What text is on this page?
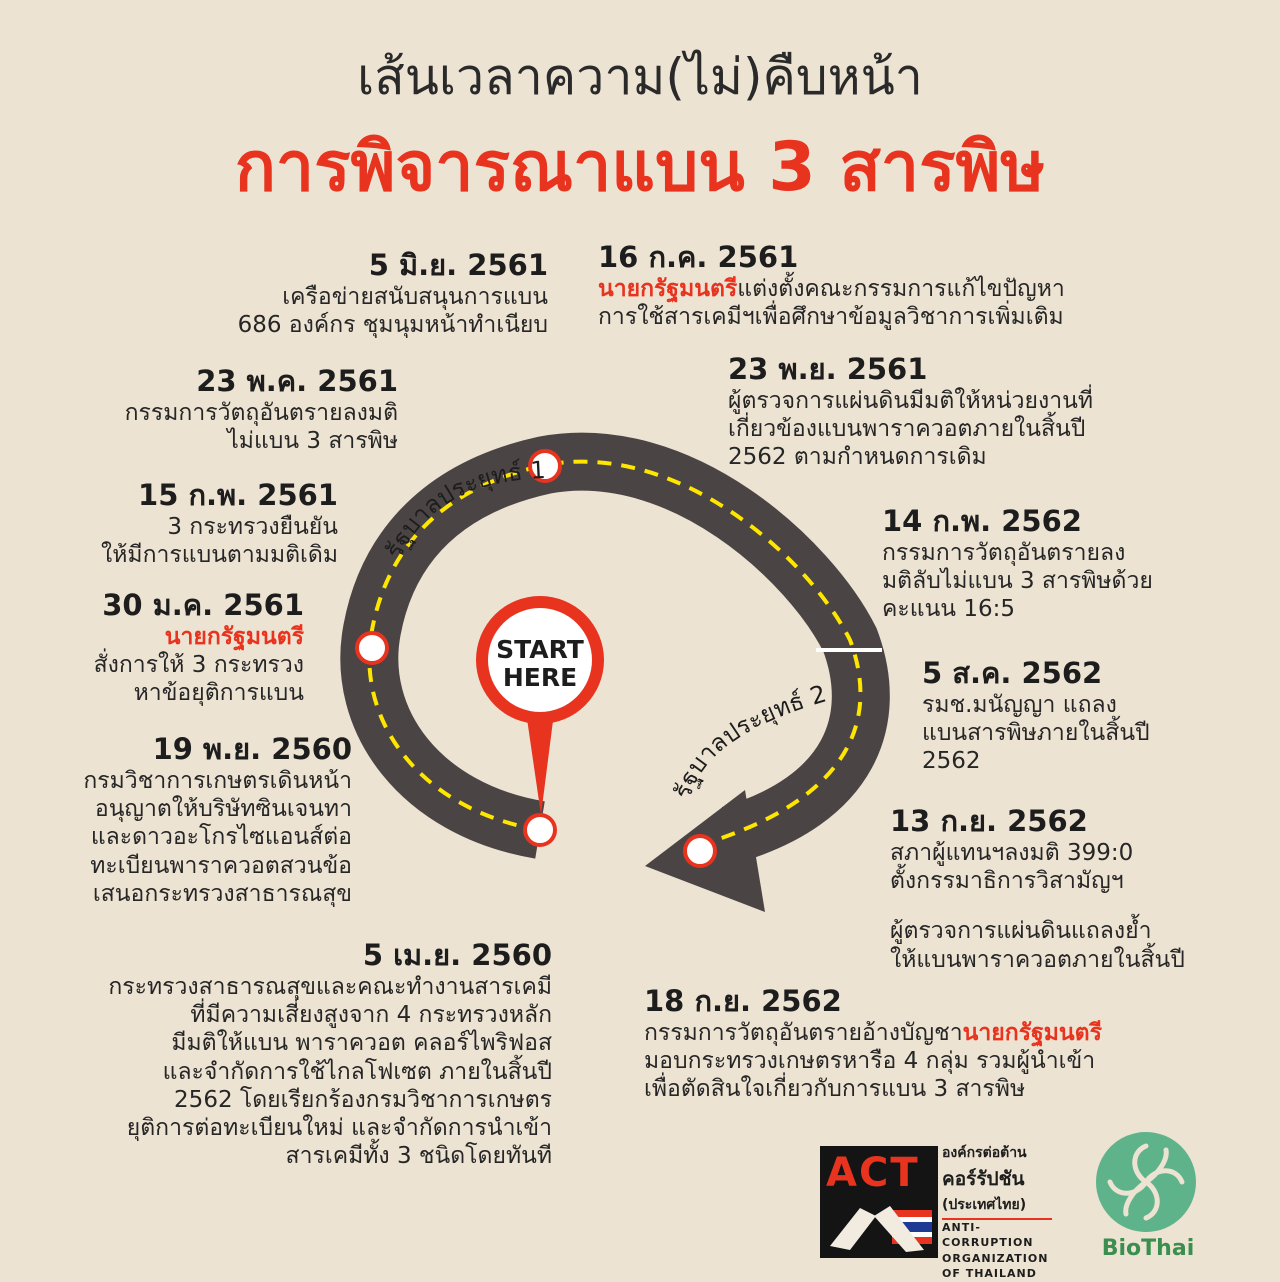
เส้นเวลาความ(ไม่)คืบหน้า
การพิจารณาแบน 3 สารพิษ
START
HERE
รัฐบาลประยุทธ์ 1
รัฐบาลประยุทธ์ 2
5 มิ.ย. 2561
เครือข่ายสนับสนุนการแบน
686 องค์กร ชุมนุมหน้าทำเนียบ
23 พ.ค. 2561
กรรมการวัตถุอันตรายลงมติ
ไม่แบน 3 สารพิษ
15 ก.พ. 2561
3 กระทรวงยืนยัน
ให้มีการแบนตามมติเดิม
30 ม.ค. 2561
นายกรัฐมนตรี
สั่งการให้ 3 กระทรวง
หาข้อยุติการแบน
19 พ.ย. 2560
กรมวิชาการเกษตรเดินหน้า
อนุญาตให้บริษัทซินเจนทา
และดาวอะโกรไซแอนส์ต่อ
ทะเบียนพาราควอตสวนข้อ
เสนอกระทรวงสาธารณสุข
5 เม.ย. 2560
กระทรวงสาธารณสุขและคณะทำงานสารเคมี
ที่มีความเสี่ยงสูงจาก 4 กระทรวงหลัก
มีมติให้แบน พาราควอต คลอร์ไพริฟอส
และจำกัดการใช้ไกลโฟเซต ภายในสิ้นปี
2562 โดยเรียกร้องกรมวิชาการเกษตร
ยุติการต่อทะเบียนใหม่ และจำกัดการนำเข้า
สารเคมีทั้ง 3 ชนิดโดยทันที
16 ก.ค. 2561
นายกรัฐมนตรีแต่งตั้งคณะกรรมการแก้ไขปัญหา
การใช้สารเคมีฯเพื่อศึกษาข้อมูลวิชาการเพิ่มเติม
23 พ.ย. 2561
ผู้ตรวจการแผ่นดินมีมติให้หน่วยงานที่
เกี่ยวข้องแบนพาราควอตภายในสิ้นปี
2562 ตามกำหนดการเดิม
14 ก.พ. 2562
กรรมการวัตถุอันตรายลง
มติลับไม่แบน 3 สารพิษด้วย
คะแนน 16:5
5 ส.ค. 2562
รมช.มนัญญา แถลง
แบนสารพิษภายในสิ้นปี
2562
13 ก.ย. 2562
สภาผู้แทนฯลงมติ 399:0
ตั้งกรรมาธิการวิสามัญฯ
ผู้ตรวจการแผ่นดินแถลงย้ำ
ให้แบนพาราควอตภายในสิ้นปี
18 ก.ย. 2562
กรรมการวัตถุอันตรายอ้างบัญชานายกรัฐมนตรี
มอบกระทรวงเกษตรหารือ 4 กลุ่ม รวมผู้นำเข้า
เพื่อตัดสินใจเกี่ยวกับการแบน 3 สารพิษ
ACT องค์กรต่อต้าน
คอร์รัปชัน
(ประเทศไทย)
ANTI-CORRUPTION
ORGANIZATION
OF THAILAND
BioThai
